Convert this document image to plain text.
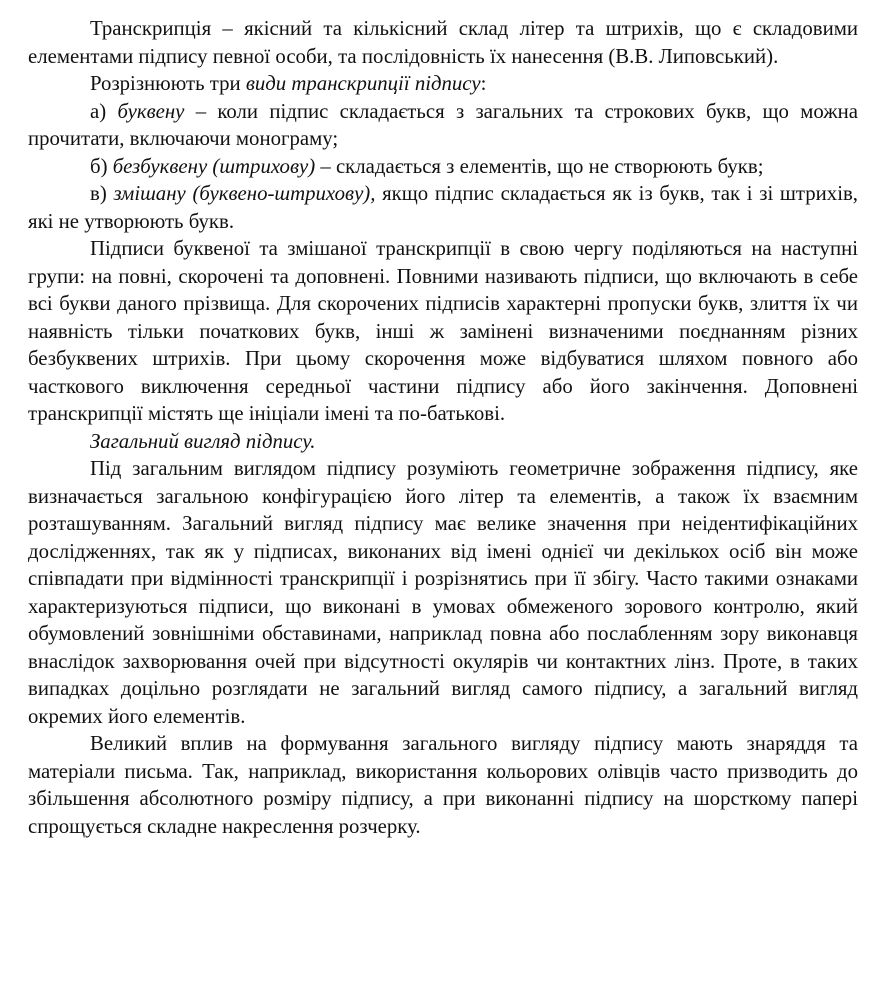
Транскрипція – якісний та кількісний склад літер та штрихів, що є складовими елементами підпису певної особи, та послідовність їх нанесення (В.В. Липовський).

Розрізнюють три види транскрипції підпису:

а) буквену – коли підпис складається з загальних та строкових букв, що можна прочитати, включаючи монограму;

б) безбуквену (штрихову) – складається з елементів, що не створюють букв;

в) змішану (буквено-штрихову), якщо підпис складається як із букв, так і зі штрихів, які не утворюють букв.

Підписи буквеної та змішаної транскрипції в свою чергу поділяються на наступні групи: на повні, скорочені та доповнені. Повними називають підписи, що включають в себе всі букви даного прізвища. Для скорочених підписів характерні пропуски букв, злиття їх чи наявність тільки початкових букв, інші ж замінені визначеними поєднанням різних безбуквених штрихів. При цьому скорочення може відбуватися шляхом повного або часткового виключення середньої частини підпису або його закінчення. Доповнені транскрипції містять ще ініціали імені та по-батькові.

Загальний вигляд підпису.

Під загальним виглядом підпису розуміють геометричне зображення підпису, яке визначається загальною конфігурацією його літер та елементів, а також їх взаємним розташуванням. Загальний вигляд підпису має велике значення при неідентифікаційних дослідженнях, так як у підписах, виконаних від імені однієї чи декількох осіб він може співпадати при відмінності транскрипції і розрізнятись при її збігу. Часто такими ознаками характеризуються підписи, що виконані в умовах обмеженого зорового контролю, який обумовлений зовнішніми обставинами, наприклад повна або послабленням зору виконавця внаслідок захворювання очей при відсутності окулярів чи контактних лінз. Проте, в таких випадках доцільно розглядати не загальний вигляд самого підпису, а загальний вигляд окремих його елементів.

Великий вплив на формування загального вигляду підпису мають знаряддя та матеріали письма. Так, наприклад, використання кольорових олівців часто призводить до збільшення абсолютного розміру підпису, а при виконанні підпису на шорсткому папері спрощується складне накреслення розчерку.
